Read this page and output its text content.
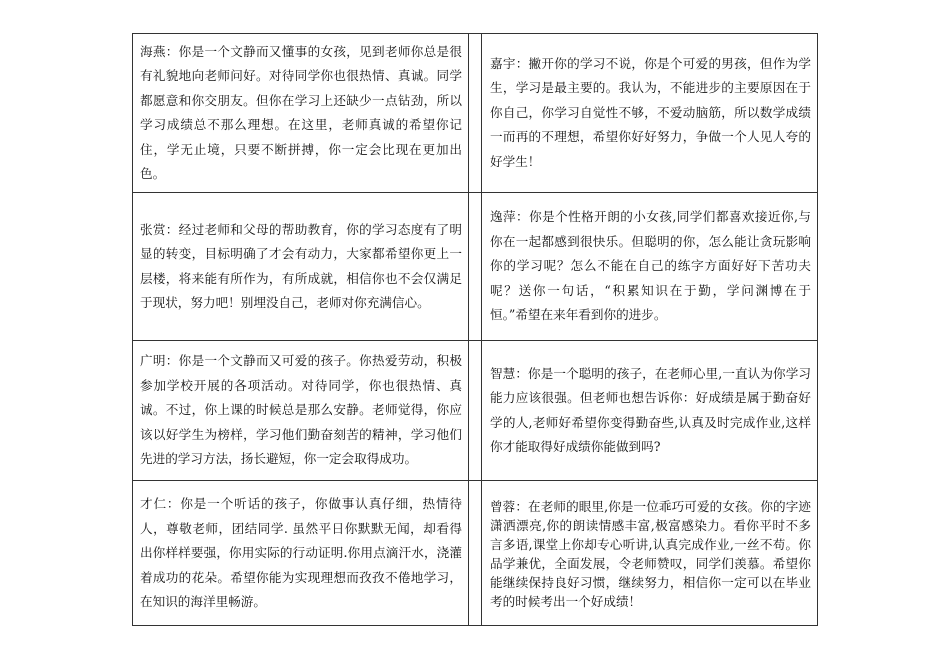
海燕：你是一个文静而又懂事的女孩，见到老师你总是很有礼貌地向老师问好。对待同学你也很热情、真诚。同学都愿意和你交朋友。但你在学习上还缺少一点钻劲，所以学习成绩总不那么理想。在这里，老师真诚的希望你记住，学无止境，只要不断拼搏，你一定会比现在更加出色。
嘉宇：撇开你的学习不说，你是个可爱的男孩，但作为学生，学习是最主要的。我认为，不能进步的主要原因在于你自己，你学习自觉性不够，不爱动脑筋，所以数学成绩一而再的不理想，希望你好好努力，争做一个人见人夸的好学生！
张赏：经过老师和父母的帮助教育，你的学习态度有了明显的转变，目标明确了才会有动力，大家都希望你更上一层楼，将来能有所作为，有所成就，相信你也不会仅满足于现状，努力吧！别埋没自己，老师对你充满信心。
逸萍：你是个性格开朗的小女孩,同学们都喜欢接近你,与你在一起都感到很快乐。但聪明的你，怎么能让贪玩影响你的学习呢？怎么不能在自己的练字方面好好下苦功夫呢？送你一句话，“积累知识在于勤，学问渊博在于恒。”希望在来年看到你的进步。
广明：你是一个文静而又可爱的孩子。你热爱劳动，积极参加学校开展的各项活动。对待同学，你也很热情、真诚。不过，你上课的时候总是那么安静。老师觉得，你应该以好学生为榜样，学习他们勤奋刻苦的精神，学习他们先进的学习方法，扬长避短，你一定会取得成功。
智慧：你是一个聪明的孩子，在老师心里,一直认为你学习能力应该很强。但老师也想告诉你：好成绩是属于勤奋好学的人,老师好希望你变得勤奋些,认真及时完成作业,这样你才能取得好成绩你能做到吗?
才仁：你是一个听话的孩子，你做事认真仔细，热情待人，尊敬老师，团结同学. 虽然平日你默默无闻，却看得出你样样要强，你用实际的行动证明.你用点滴汗水，浇灌着成功的花朵。希望你能为实现理想而孜孜不倦地学习，在知识的海洋里畅游。
曾蓉：在老师的眼里,你是一位乖巧可爱的女孩。你的字迹潇洒漂亮,你的朗读情感丰富,极富感染力。看你平时不多言多语,课堂上你却专心听讲,认真完成作业,一丝不苟。你品学兼优，全面发展，令老师赞叹，同学们羡慕。希望你能继续保持良好习惯，继续努力，相信你一定可以在毕业考的时候考出一个好成绩！
